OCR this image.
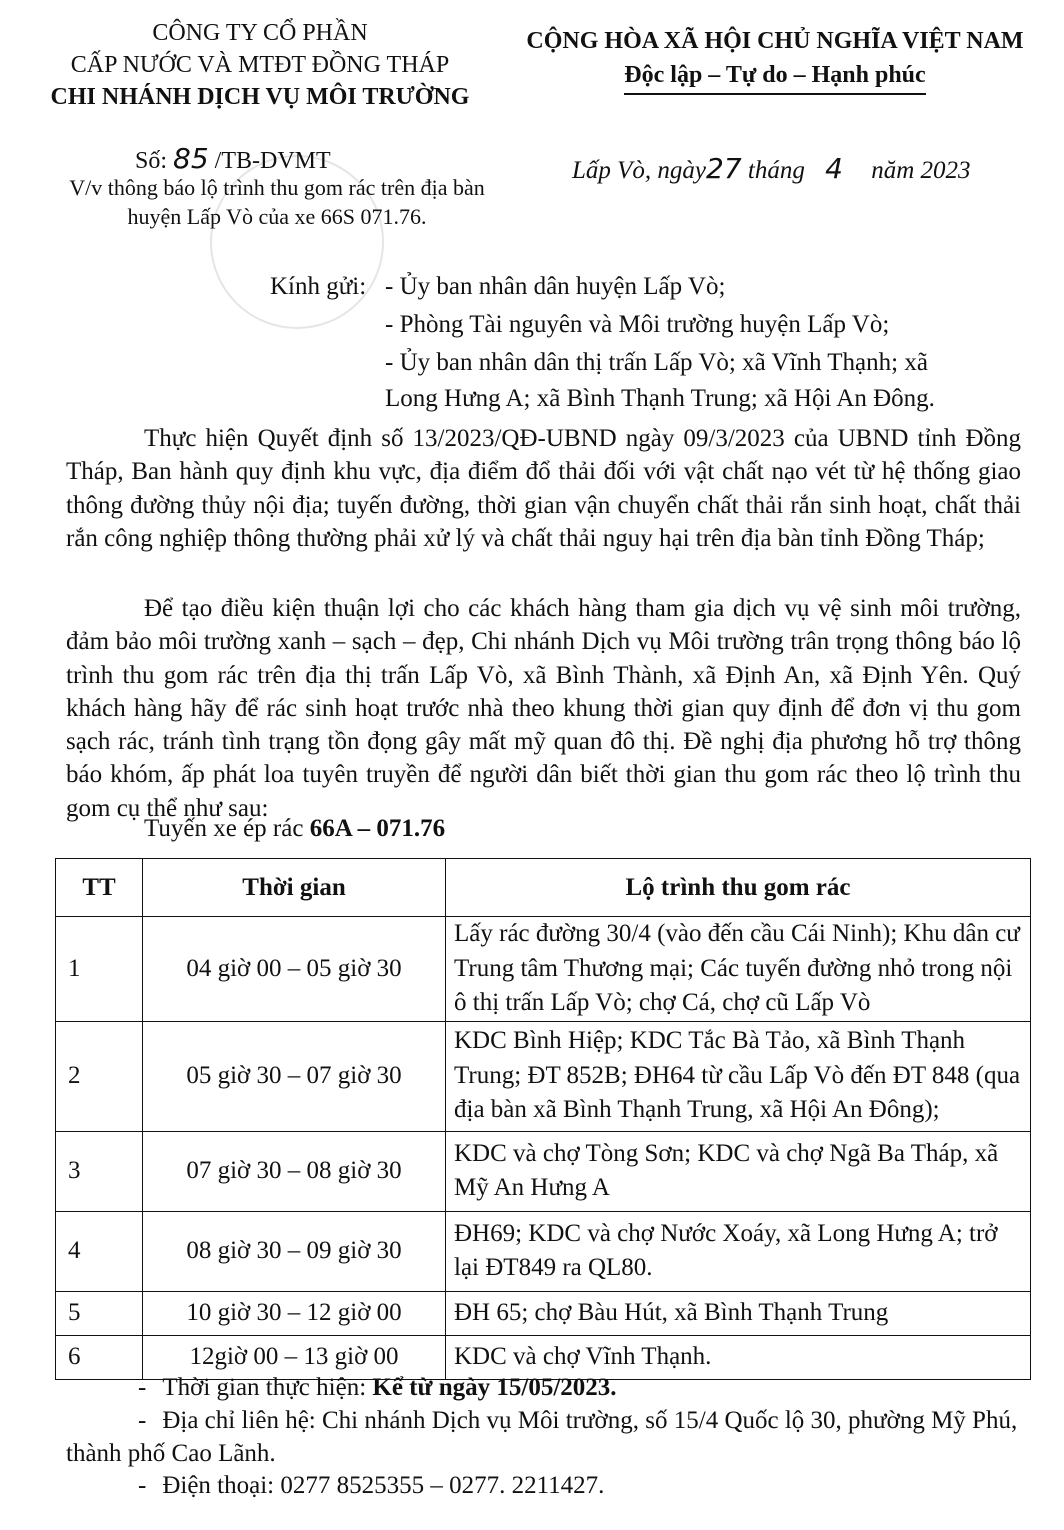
CÔNG TY CỔ PHẦN
CẤP NƯỚC VÀ MTĐT ĐỒNG THÁP
CHI NHÁNH DỊCH VỤ MÔI TRƯỜNG
CỘNG HÒA XÃ HỘI CHỦ NGHĨA VIỆT NAM
Độc lập – Tự do – Hạnh phúc
Số: 85 /TB-DVMT
V/v thông báo lộ trình thu gom rác trên địa bàn huyện Lấp Vò của xe 66S 071.76.
Lấp Vò, ngày27 tháng 4 năm 2023
Kính gửi: - Ủy ban nhân dân huyện Lấp Vò;
- Phòng Tài nguyên và Môi trường huyện Lấp Vò;
- Ủy ban nhân dân thị trấn Lấp Vò; xã Vĩnh Thạnh; xã
Long Hưng A; xã Bình Thạnh Trung; xã Hội An Đông.

Thực hiện Quyết định số 13/2023/QĐ-UBND ngày 09/3/2023 của UBND tỉnh Đồng Tháp, Ban hành quy định khu vực, địa điểm đổ thải đối với vật chất nạo vét từ hệ thống giao thông đường thủy nội địa; tuyến đường, thời gian vận chuyển chất thải rắn sinh hoạt, chất thải rắn công nghiệp thông thường phải xử lý và chất thải nguy hại trên địa bàn tỉnh Đồng Tháp;

Để tạo điều kiện thuận lợi cho các khách hàng tham gia dịch vụ vệ sinh môi trường, đảm bảo môi trường xanh – sạch – đẹp, Chi nhánh Dịch vụ Môi trường trân trọng thông báo lộ trình thu gom rác trên địa thị trấn Lấp Vò, xã Bình Thành, xã Định An, xã Định Yên. Quý khách hàng hãy để rác sinh hoạt trước nhà theo khung thời gian quy định để đơn vị thu gom sạch rác, tránh tình trạng tồn đọng gây mất mỹ quan đô thị. Đề nghị địa phương hỗ trợ thông báo khóm, ấp phát loa tuyên truyền để người dân biết thời gian thu gom rác theo lộ trình thu gom cụ thể như sau:

Tuyến xe ép rác 66A – 071.76
TT	Thời gian	Lộ trình thu gom rác
1	04 giờ 00 – 05 giờ 30	Lấy rác đường 30/4 (vào đến cầu Cái Ninh); Khu dân cư Trung tâm Thương mại; Các tuyến đường nhỏ trong nội ô thị trấn Lấp Vò; chợ Cá, chợ cũ Lấp Vò
2	05 giờ 30 – 07 giờ 30	KDC Bình Hiệp; KDC Tắc Bà Tảo, xã Bình Thạnh Trung; ĐT 852B; ĐH64 từ cầu Lấp Vò đến ĐT 848 (qua địa bàn xã Bình Thạnh Trung, xã Hội An Đông);
3	07 giờ 30 – 08 giờ 30	KDC và chợ Tòng Sơn; KDC và chợ Ngã Ba Tháp, xã Mỹ An Hưng A
4	08 giờ 30 – 09 giờ 30	ĐH69; KDC và chợ Nước Xoáy, xã Long Hưng A; trở lại ĐT849 ra QL80.
5	10 giờ 30 – 12 giờ 00	ĐH 65; chợ Bàu Hút, xã Bình Thạnh Trung
6	12giờ 00 – 13 giờ 00	KDC và chợ Vĩnh Thạnh.
- Thời gian thực hiện: Kể từ ngày 15/05/2023.
- Địa chỉ liên hệ: Chi nhánh Dịch vụ Môi trường, số 15/4 Quốc lộ 30, phường Mỹ Phú, thành phố Cao Lãnh.
- Điện thoại: 0277 8525355 – 0277. 2211427.
